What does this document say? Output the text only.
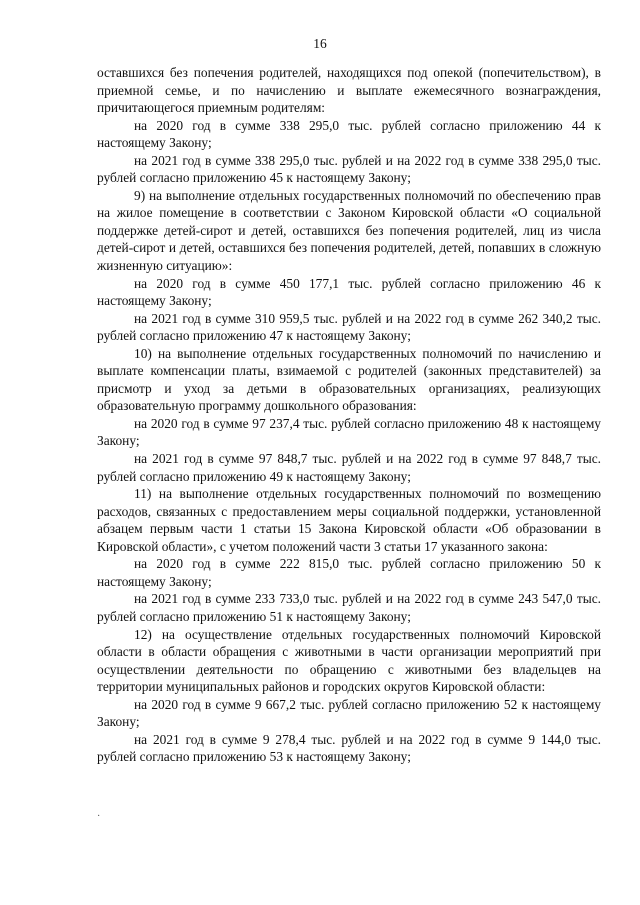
16

оставшихся без попечения родителей, находящихся под опекой (попечительством), в приемной семье, и по начислению и выплате ежемесячного вознаграждения, причитающегося приемным родителям:

на 2020 год в сумме 338 295,0 тыс. рублей согласно приложению 44 к настоящему Закону;

на 2021 год в сумме 338 295,0 тыс. рублей и на 2022 год в сумме 338 295,0 тыс. рублей согласно приложению 45 к настоящему Закону;

9) на выполнение отдельных государственных полномочий по обеспечению прав на жилое помещение в соответствии с Законом Кировской области «О социальной поддержке детей-сирот и детей, оставшихся без попечения родителей, лиц из числа детей-сирот и детей, оставшихся без попечения родителей, детей, попавших в сложную жизненную ситуацию»:

на 2020 год в сумме 450 177,1 тыс. рублей согласно приложению 46 к настоящему Закону;

на 2021 год в сумме 310 959,5 тыс. рублей и на 2022 год в сумме 262 340,2 тыс. рублей согласно приложению 47 к настоящему Закону;

10) на выполнение отдельных государственных полномочий по начислению и выплате компенсации платы, взимаемой с родителей (законных представителей) за присмотр и уход за детьми в образовательных организациях, реализующих образовательную программу дошкольного образования:

на 2020 год в сумме 97 237,4 тыс. рублей согласно приложению 48 к настоящему Закону;

на 2021 год в сумме 97 848,7 тыс. рублей и на 2022 год в сумме 97 848,7 тыс. рублей согласно приложению 49 к настоящему Закону;

11) на выполнение отдельных государственных полномочий по возмещению расходов, связанных с предоставлением меры социальной поддержки, установленной абзацем первым части 1 статьи 15 Закона Кировской области «Об образовании в Кировской области», с учетом положений части 3 статьи 17 указанного закона:

на 2020 год в сумме 222 815,0 тыс. рублей согласно приложению 50 к настоящему Закону;

на 2021 год в сумме 233 733,0 тыс. рублей и на 2022 год в сумме 243 547,0 тыс. рублей согласно приложению 51 к настоящему Закону;

12) на осуществление отдельных государственных полномочий Кировской области в области обращения с животными в части организации мероприятий при осуществлении деятельности по обращению с животными без владельцев на территории муниципальных районов и городских округов Кировской области:

на 2020 год в сумме 9 667,2 тыс. рублей согласно приложению 52 к настоящему Закону;

на 2021 год в сумме 9 278,4 тыс. рублей и на 2022 год в сумме 9 144,0 тыс. рублей согласно приложению 53 к настоящему Закону;

·
